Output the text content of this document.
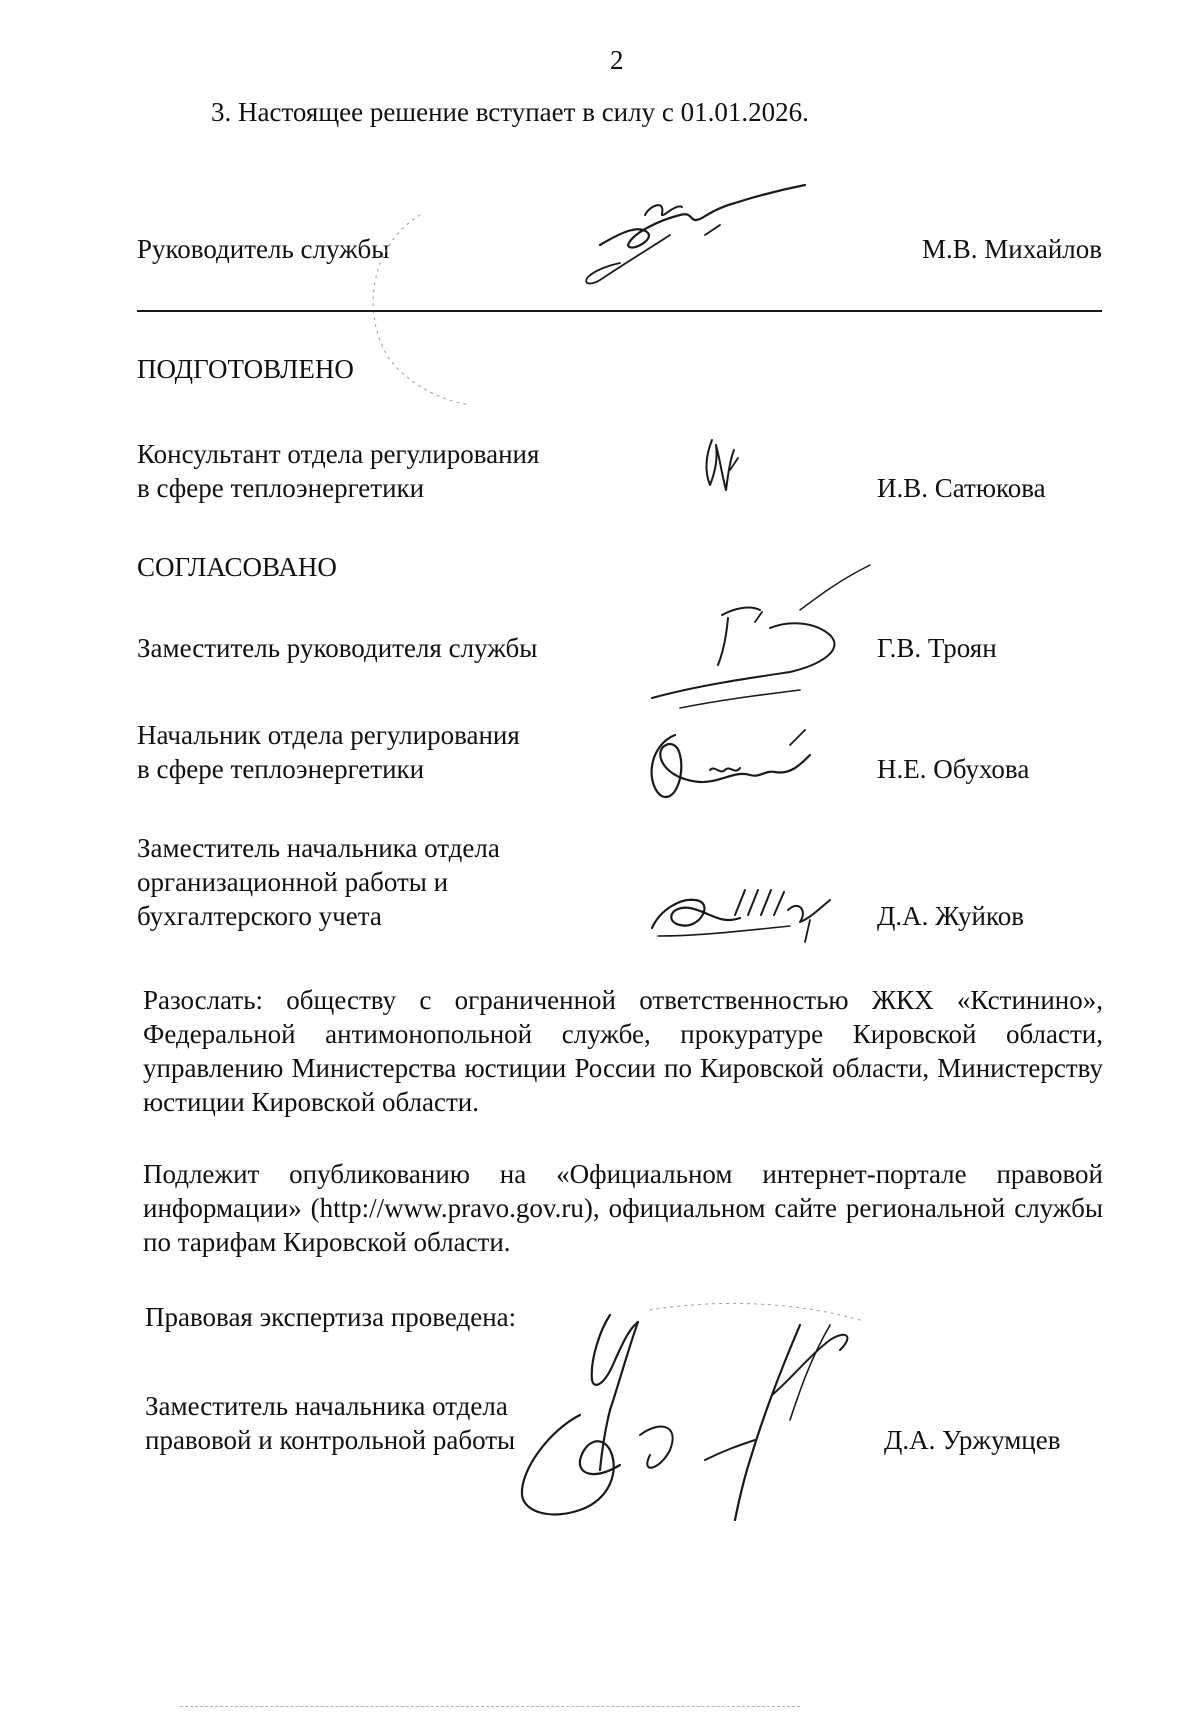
2
3. Настоящее решение вступает в силу с 01.01.2026.
Руководитель службы	М.В. Михайлов
ПОДГОТОВЛЕНО
Консультант отдела регулирования
в сфере теплоэнергетики	И.В. Сатюкова
СОГЛАСОВАНО
Заместитель руководителя службы	Г.В. Троян
Начальник отдела регулирования
в сфере теплоэнергетики	Н.Е. Обухова
Заместитель начальника отдела
организационной работы и
бухгалтерского учета	Д.А. Жуйков
Разослать: обществу с ограниченной ответственностью ЖКХ «Кстинино», Федеральной антимонопольной службе, прокуратуре Кировской области, управлению Министерства юстиции России по Кировской области, Министерству юстиции Кировской области.
Подлежит опубликованию на «Официальном интернет-портале правовой информации» (http://www.pravo.gov.ru), официальном сайте региональной службы по тарифам Кировской области.
Правовая экспертиза проведена:
Заместитель начальника отдела
правовой и контрольной работы	Д.А. Уржумцев
